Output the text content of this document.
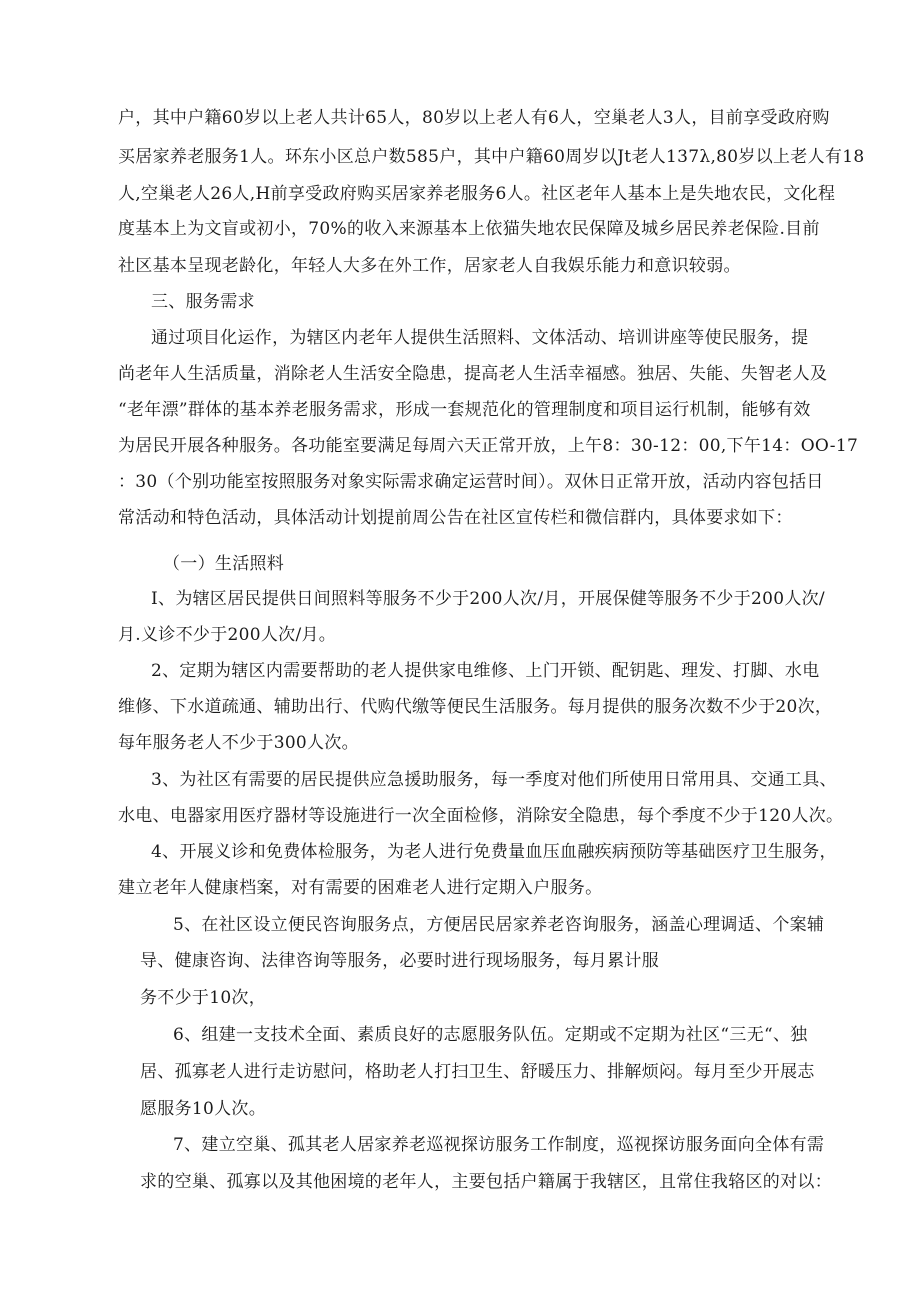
户，其中户籍60岁以上老人共计65人，80岁以上老人有6人，空巢老人3人，目前享受政府购
买居家养老服务1人。环东小区总户数585户，其中户籍60周岁以Jt老人137λ,80岁以上老人有18
人,空巢老人26人,H前享受政府购买居家养老服务6人。社区老年人基本上是失地农民，文化程
度基本上为文盲或初小，70%的收入来源基本上依猫失地农民保障及城乡居民养老保险.目前
社区基本呈现老龄化，年轻人大多在外工作，居家老人自我娱乐能力和意识较弱。
三、服务需求
通过项目化运作，为辖区内老年人提供生活照料、文体活动、培训讲座等使民服务，提
尚老年人生活质量，消除老人生活安全隐患，提高老人生活幸福感。独居、失能、失智老人及
“老年漂”群体的基本养老服务需求，形成一套规范化的管理制度和项目运行机制，能够有效
为居民开展各种服务。各功能室要满足每周六天正常开放，上午8：30-12：00,下午14：OO-17
：30（个别功能室按照服务对象实际需求确定运营时间）。双休日正常开放，活动内容包括日
常活动和特色活动，具体活动计划提前周公告在社区宣传栏和微信群内，具体要求如下：
（一）生活照料
I、为辖区居民提供日间照料等服务不少于200人次/月，开展保健等服务不少于200人次/
月.义诊不少于200人次/月。
2、定期为辖区内需要帮助的老人提供家电维修、上门开锁、配钥匙、理发、打脚、水电
维修、下水道疏通、辅助出行、代购代缴等便民生活服务。每月提供的服务次数不少于20次，
每年服务老人不少于300人次。
3、为社区有需要的居民提供应急援助服务，每一季度对他们所使用日常用具、交通工具、
水电、电器家用医疗器材等设施进行一次全面检修，消除安全隐患，每个季度不少于120人次。
4、开展义诊和免费体检服务，为老人进行免费量血压血融疾病预防等基础医疗卫生服务，
建立老年人健康档案，对有需要的困难老人进行定期入户服务。
5、在社区设立便民咨询服务点，方便居民居家养老咨询服务，涵盖心理调适、个案辅
导、健康咨询、法律咨询等服务，必要时进行现场服务，每月累计服
务不少于10次，
6、组建一支技术全面、素质良好的志愿服务队伍。定期或不定期为社区“三无“、独
居、孤寡老人进行走访慰问，格助老人打扫卫生、舒暖压力、排解烦闷。每月至少开展志
愿服务10人次。
7、建立空巢、孤其老人居家养老巡视探访服务工作制度，巡视探访服务面向全体有需
求的空巢、孤寡以及其他困境的老年人，主要包括户籍属于我辖区，且常住我辂区的对以：
